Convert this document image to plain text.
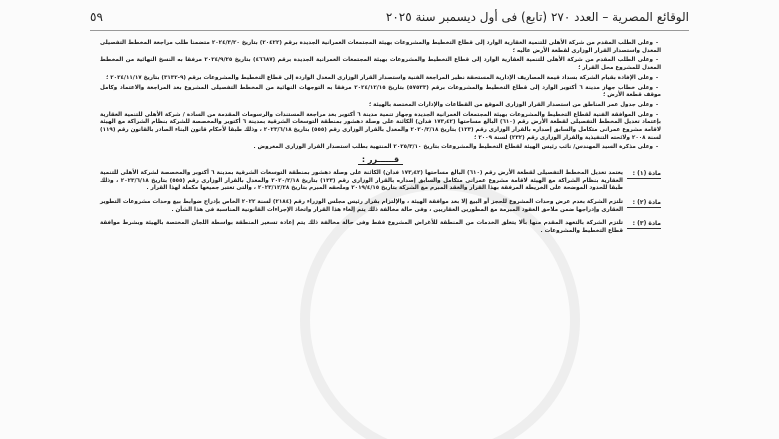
الوقائع المصرية – العدد ٢٧٠ (تابع) فى أول ديسمبر سنة ٢٠٢٥
٥٩

-وعلى الطلب المقدم من شركة الأهلى للتنمية العقارية الوارد إلى قطاع التخطيط والمشروعات بهيئة المجتمعات العمرانية الجديدة برقم (٢٠٤٢٢) بتاريخ ٢٠٢٤/٣/٢٠ متضمنا طلب مراجعة المخطط التفصيلى المعدل واستصدار القرار الوزارى لقطعة الأرض عاليه ؛

-وعلى الطلب المقدم من شركة الأهلى للتنمية العقارية الوارد إلى قطاع التخطيط والمشروعات بهيئة المجتمعات العمرانية الجديدة برقم (٤٦٦٨٧) بتاريخ ٢٠٢٤/٩/٢٥ مرفقا به النسخ النهائية من المخطط المعدل للمشروع محل القرار ؛

-وعلى الإفادة بقيام الشركة بسداد قيمة المصاريف الإدارية المستحقة نظير المراجعة الفنية واستصدار القرار الوزارى المعدل الواردة إلى قطاع التخطيط والمشروعات برقم (٩-٣١٣٢) بتاريخ ٢٠٢٤/١١/١٧ ؛

-وعلى خطاب جهاز مدينة ٦ أكتوبر الوارد إلى قطاع التخطيط والمشروعات برقم (٥٧٥٣٣) بتاريخ ٢٠٢٤/١٢/١٥ مرفقا به التوجهات النهائية من المخطط التفصيلى المشروع بعد المراجعة والاعتماد وكامل موقف قطعة الأرض ؛

-وعلى جدول عمر المناطق من استصدار القرار الوزارى الموقع من القطاعات والإدارات المختصة بالهيئة ؛

-وعلى الموافقة الفنية لقطاع التخطيط والمشروعات بهيئة المجتمعات العمرانية الجديدة وجهاز تنمية مدينة ٦ أكتوبر بعد مراجعة المستندات والرسومات المقدمة من السادة / شركة الأهلى للتنمية العقارية بإعتماد تعديل المخطط التفصيلى لقطعة الأرض رقم (٦١٠) البالغ مساحتها (١٧٣٫٤٢ فدان) الكائنة على وصلة دهشور بمنطقة التوسعات الشرقية بمدينة ٦ أكتوبر والمخصصة للشركة بنظام الشراكة مع الهيئة لاقامة مشروع عمرانى متكامل والسابق إصداره بالقرار الوزارى رقم (١٢٣) بتاريخ ٢٠٢٠/٢/١٨ والمعدل بالقرار الوزارى رقم (٥٥٥) بتاريخ ٢٠٢٣/٦/١٨ ، وذلك طبقا لأحكام قانون البناء الصادر بالقانون رقم (١١٩) لسنة ٢٠٠٨ ولائحته التنفيذية والقرار الوزارى رقم (٢٣٢) لسنة ٢٠٠٩ ؛

-وعلى مذكرة السيد المهندس/ نائب رئيس الهيئة لقطاع التخطيط والمشروعات بتاريخ ٢٠٢٥/٣/١٠ المنتهية بطلب استصدار القرار الوزارى المعروض .

قــــــرر :
مادة (١) :
يعتمد تعديل المخطط التفصيلى لقطعة الأرض رقم (٦١٠) البالغ مساحتها (١٧٣٫٤٢ فدان) الكائنة على وصلة دهشور بمنطقة التوسعات الشرقية بمدينة ٦ أكتوبر والمخصصة لشركة الأهلى للتنمية العقارية بنظام الشراكة مع الهيئة لاقامة مشروع عمرانى متكامل والسابق إصداره بالقرار الوزارى رقم (١٢٣) بتاريخ ٢٠٢٠/٢/١٨ والمعدل بالقرار الوزارى رقم (٥٥٥) بتاريخ ٢٠٢٣/٦/١٨ ، وذلك طبقا للحدود الموضحة على الخريطة المرفقة بهذا القرار والعقد المبرم مع الشركة بتاريخ ٢٠١٩/٤/١٥ وملحقه المبرم بتاريخ ٢٠٢٣/١٢/٢٨ ، والتى تعتبر جميعها مكملة لهذا القرار .
مادة (٢) :
تلتزم الشركة بعدم عرض وحدات المشروع للحجز أو البيع إلا بعد موافقة الهيئة ، والإلتزام بقرار رئيس مجلس الوزراء رقم (٢١٨٤) لسنة ٢٠٢٢ الخاص بإدراج ضوابط بيع وحدات مشروعات التطوير العقارى وإدراجها ضمن ملاحق العقود المبرمة مع المطورين العقاريين ، وفى حالة مخالفة ذلك يتم إلغاء هذا القرار واتخاذ الإجراءات القانونية المناسبة فى هذا الشأن .
مادة (٣) :
تلتزم الشركة بالتعهد المقدم منها بألا يتعلق الخدمات من المنطقة للأغراض المشروع فقط وفى حالة مخالفة ذلك يتم إعادة تسعير المنطقة بواسطة اللجان المختصة بالهيئة وبشرط موافقة قطاع التخطيط والمشروعات .
